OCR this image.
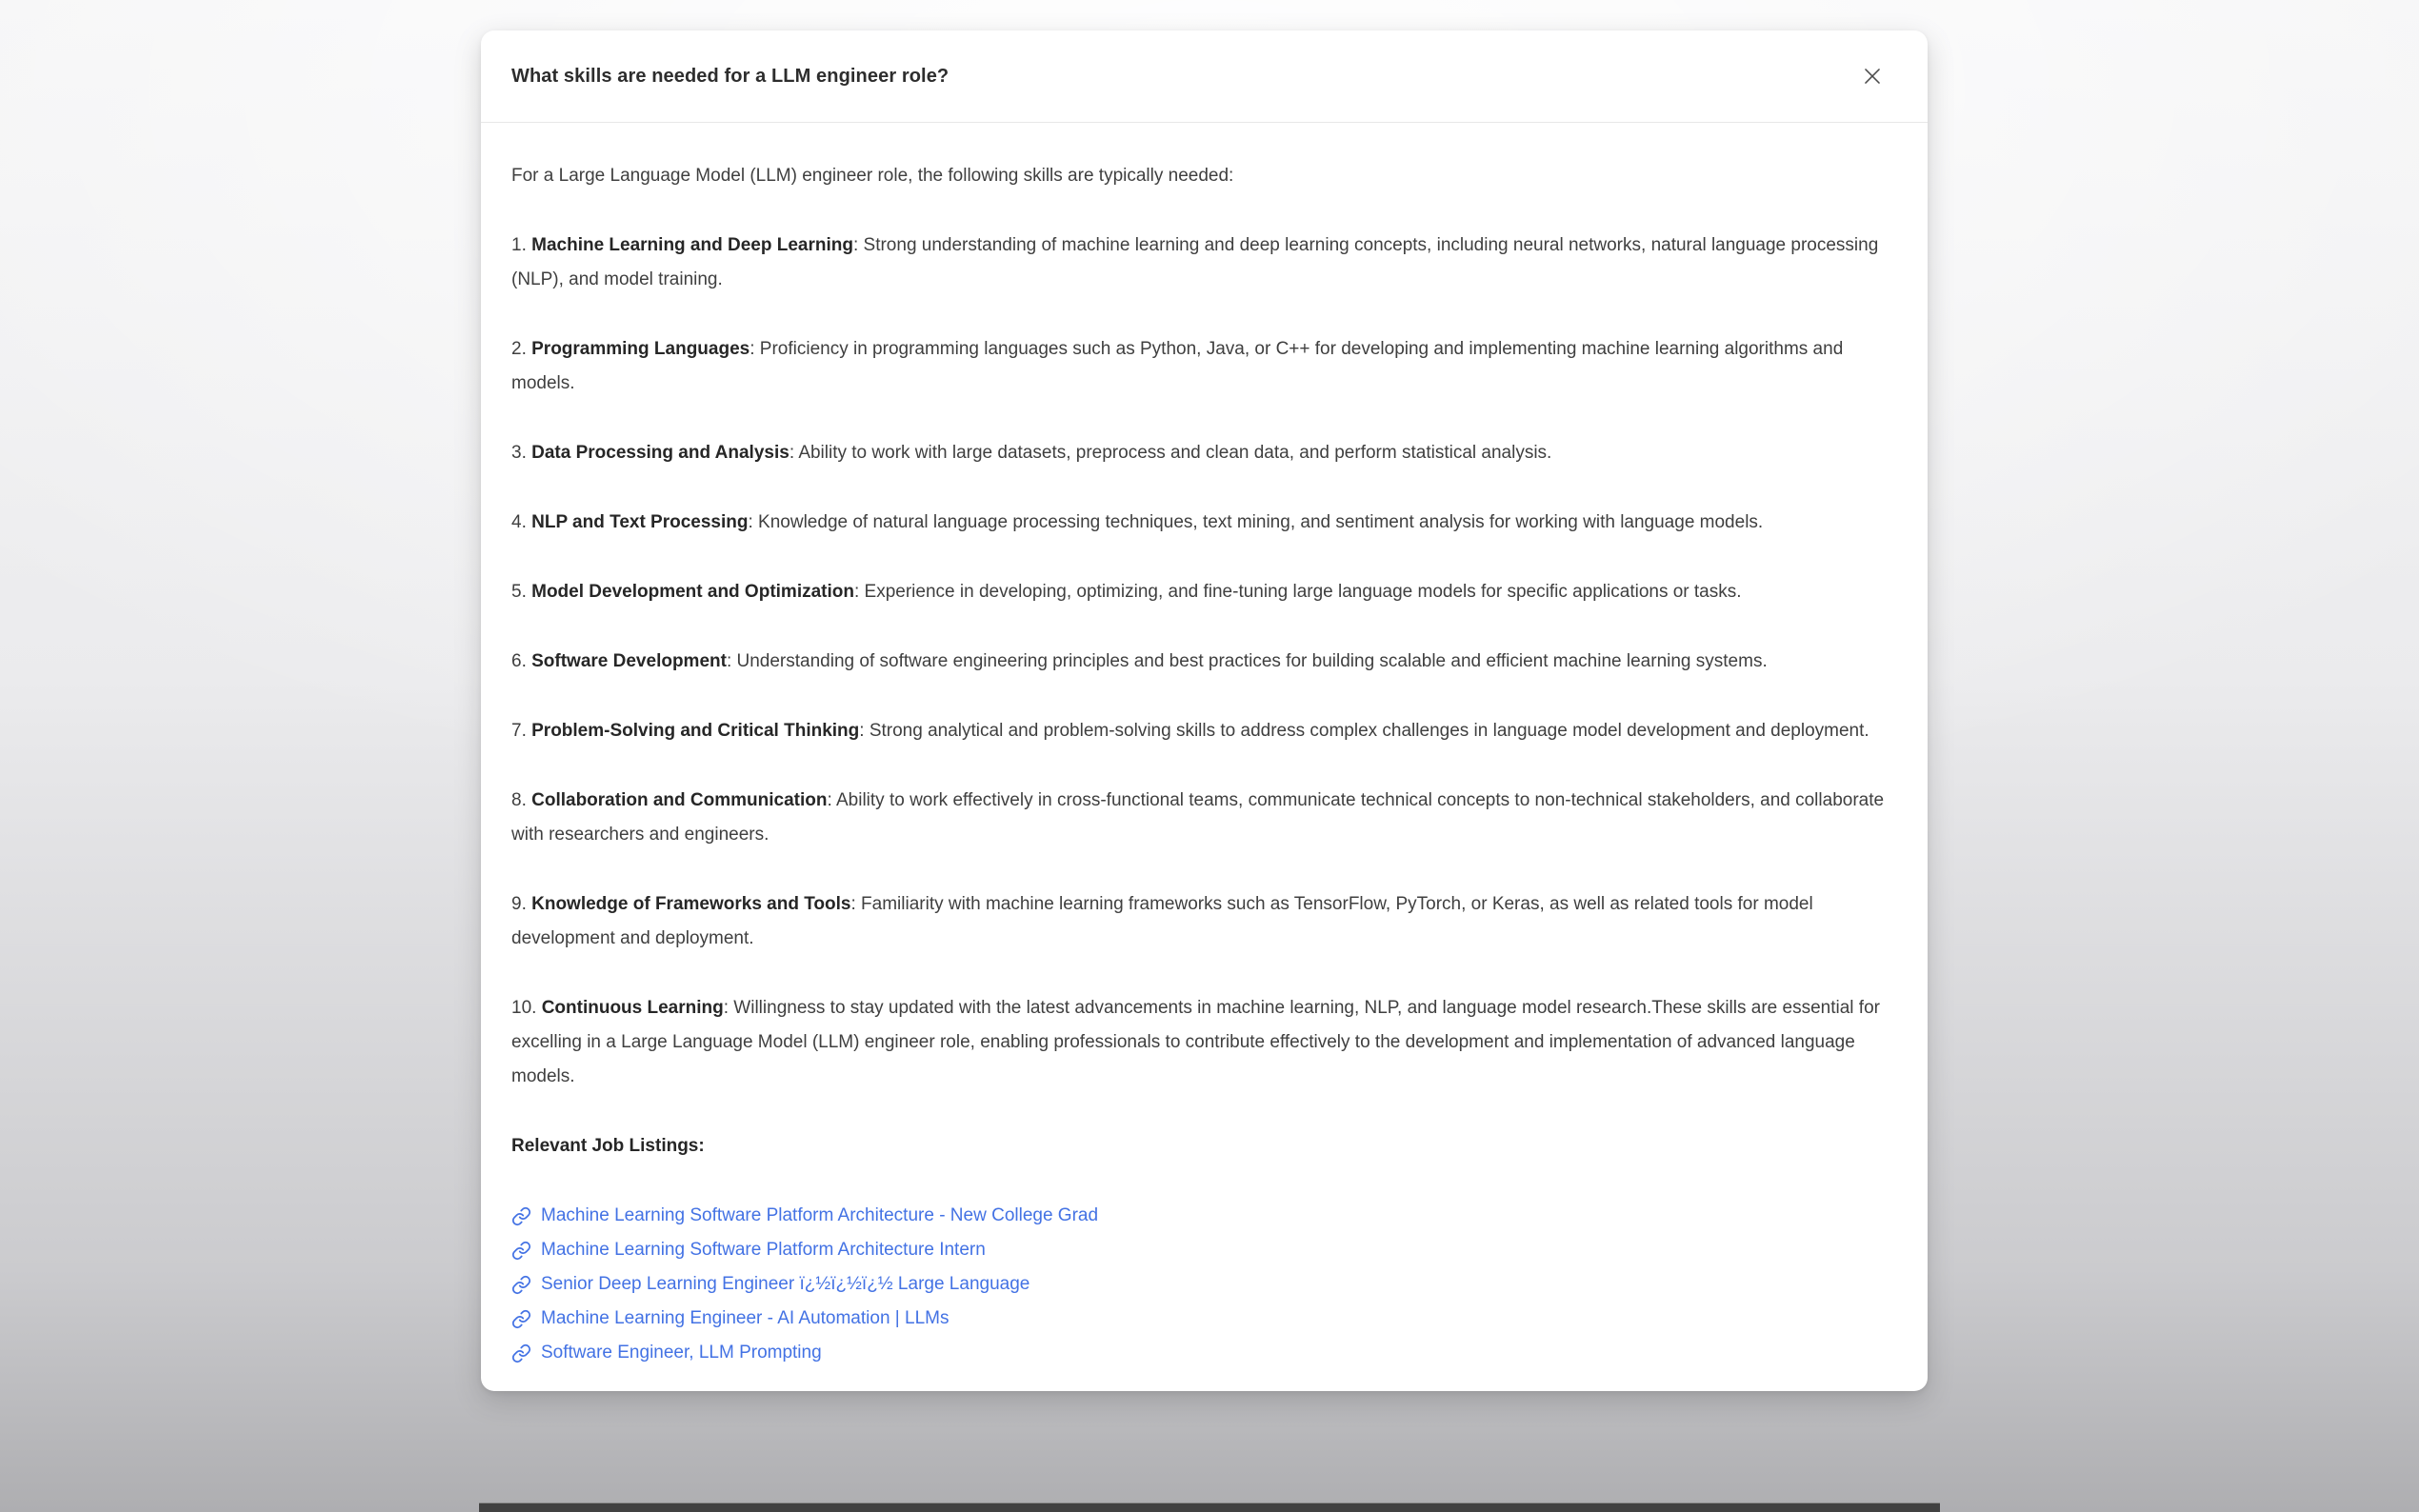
What skills are needed for a LLM engineer role?

For a Large Language Model (LLM) engineer role, the following skills are typically needed:

1. Machine Learning and Deep Learning: Strong understanding of machine learning and deep learning concepts, including neural networks, natural language processing (NLP), and model training.

2. Programming Languages: Proficiency in programming languages such as Python, Java, or C++ for developing and implementing machine learning algorithms and models.

3. Data Processing and Analysis: Ability to work with large datasets, preprocess and clean data, and perform statistical analysis.

4. NLP and Text Processing: Knowledge of natural language processing techniques, text mining, and sentiment analysis for working with language models.

5. Model Development and Optimization: Experience in developing, optimizing, and fine-tuning large language models for specific applications or tasks.

6. Software Development: Understanding of software engineering principles and best practices for building scalable and efficient machine learning systems.

7. Problem-Solving and Critical Thinking: Strong analytical and problem-solving skills to address complex challenges in language model development and deployment.

8. Collaboration and Communication: Ability to work effectively in cross-functional teams, communicate technical concepts to non-technical stakeholders, and collaborate with researchers and engineers.

9. Knowledge of Frameworks and Tools: Familiarity with machine learning frameworks such as TensorFlow, PyTorch, or Keras, as well as related tools for model development and deployment.

10. Continuous Learning: Willingness to stay updated with the latest advancements in machine learning, NLP, and language model research.These skills are essential for excelling in a Large Language Model (LLM) engineer role, enabling professionals to contribute effectively to the development and implementation of advanced language models.

Relevant Job Listings:

Machine Learning Software Platform Architecture - New College Grad
Machine Learning Software Platform Architecture Intern
Senior Deep Learning Engineer ï¿½ï¿½ï¿½ Large Language
Machine Learning Engineer - AI Automation | LLMs
Software Engineer, LLM Prompting
